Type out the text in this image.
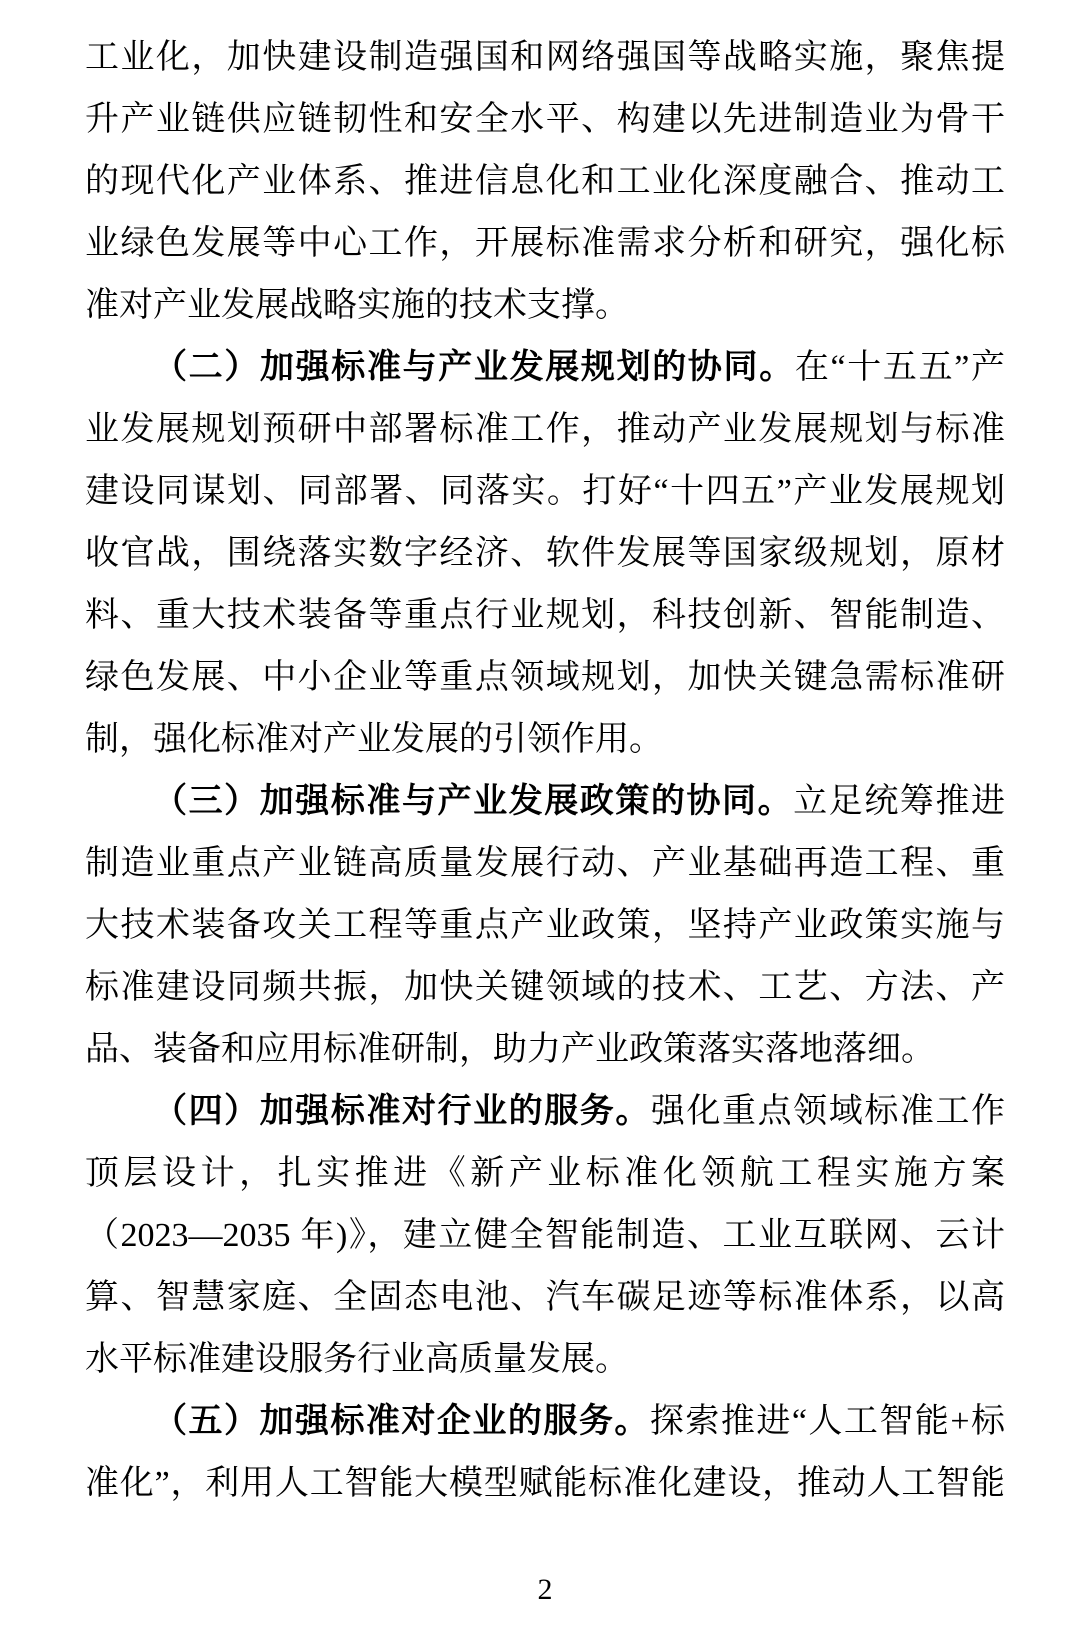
工业化，加快建设制造强国和网络强国等战略实施，聚焦提
升产业链供应链韧性和安全水平、构建以先进制造业为骨干
的现代化产业体系、推进信息化和工业化深度融合、推动工
业绿色发展等中心工作，开展标准需求分析和研究，强化标
准对产业发展战略实施的技术支撑。
（二）加强标准与产业发展规划的协同。在“十五五”产
业发展规划预研中部署标准工作，推动产业发展规划与标准
建设同谋划、同部署、同落实。打好“十四五”产业发展规划
收官战，围绕落实数字经济、软件发展等国家级规划，原材
料、重大技术装备等重点行业规划，科技创新、智能制造、
绿色发展、中小企业等重点领域规划，加快关键急需标准研
制，强化标准对产业发展的引领作用。
（三）加强标准与产业发展政策的协同。立足统筹推进
制造业重点产业链高质量发展行动、产业基础再造工程、重
大技术装备攻关工程等重点产业政策，坚持产业政策实施与
标准建设同频共振，加快关键领域的技术、工艺、方法、产
品、装备和应用标准研制，助力产业政策落实落地落细。
（四）加强标准对行业的服务。强化重点领域标准工作
顶层设计，扎实推进《新产业标准化领航工程实施方案
（2023—2035 年)》，建立健全智能制造、工业互联网、云计
算、智慧家庭、全固态电池、汽车碳足迹等标准体系，以高
水平标准建设服务行业高质量发展。
（五）加强标准对企业的服务。探索推进“人工智能+标
准化”，利用人工智能大模型赋能标准化建设，推动人工智能
2
